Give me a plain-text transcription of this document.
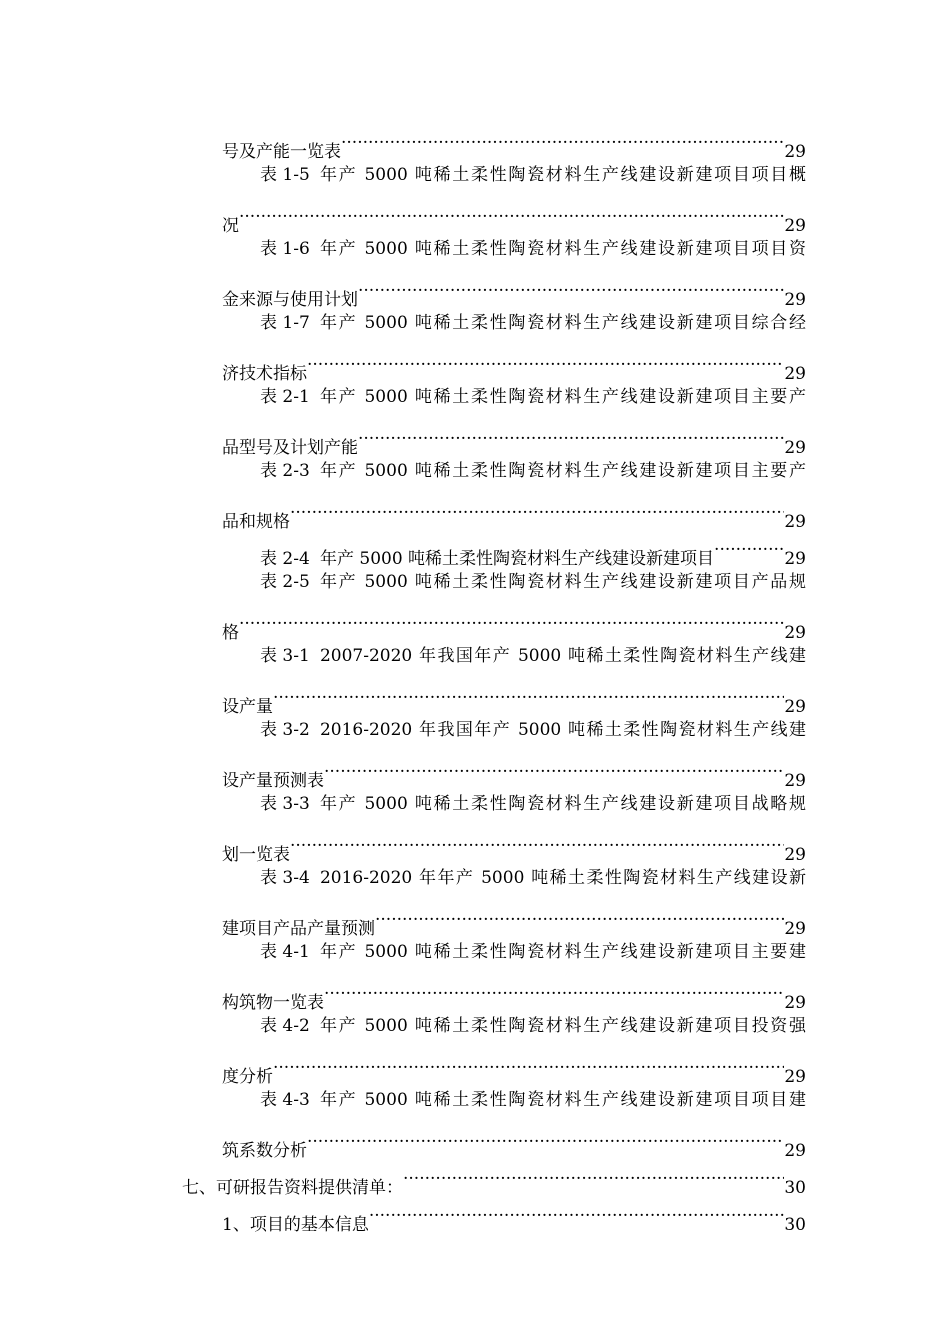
号及产能一览表 .....	29
表 1-5 年产 5000 吨稀土柔性陶瓷材料生产线建设新建项目项目概
况 .....	29
表 1-6 年产 5000 吨稀土柔性陶瓷材料生产线建设新建项目项目资
金来源与使用计划 .....	29
表 1-7 年产 5000 吨稀土柔性陶瓷材料生产线建设新建项目综合经
济技术指标 .....	29
表 2-1 年产 5000 吨稀土柔性陶瓷材料生产线建设新建项目主要产
品型号及计划产能 .....	29
表 2-3 年产 5000 吨稀土柔性陶瓷材料生产线建设新建项目主要产
品和规格 .....	29
表 2-4 年产 5000 吨稀土柔性陶瓷材料生产线建设新建项目 .....	29
表 2-5 年产 5000 吨稀土柔性陶瓷材料生产线建设新建项目产品规
格 .....	29
表 3-1 2007-2020 年我国年产 5000 吨稀土柔性陶瓷材料生产线建
设产量 .....	29
表 3-2 2016-2020 年我国年产 5000 吨稀土柔性陶瓷材料生产线建
设产量预测表 .....	29
表 3-3 年产 5000 吨稀土柔性陶瓷材料生产线建设新建项目战略规
划一览表 .....	29
表 3-4 2016-2020 年年产 5000 吨稀土柔性陶瓷材料生产线建设新
建项目产品产量预测 .....	29
表 4-1 年产 5000 吨稀土柔性陶瓷材料生产线建设新建项目主要建
构筑物一览表 .....	29
表 4-2 年产 5000 吨稀土柔性陶瓷材料生产线建设新建项目投资强
度分析 .....	29
表 4-3 年产 5000 吨稀土柔性陶瓷材料生产线建设新建项目项目建
筑系数分析 .....	29
七、可研报告资料提供清单： .....	30
1、项目的基本信息 .....	30
